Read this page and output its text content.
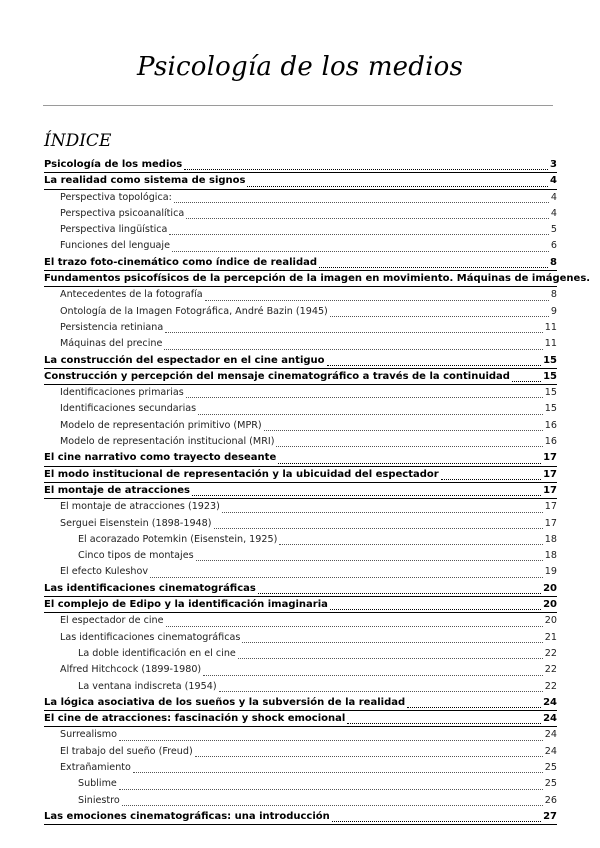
Psicología de los medios
ÍNDICE
Psicología de los medios	3
La realidad como sistema de signos	4
Perspectiva topológica:	4
Perspectiva psicoanalítica	4
Perspectiva lingüística	5
Funciones del lenguaje	6
El trazo foto-cinemático como índice de realidad	8
Fundamentos psicofísicos de la percepción de la imagen en movimiento. Máquinas de imágenes.
Antecedentes de la fotografía	8
Ontología de la Imagen Fotográfica, André Bazin (1945)	9
Persistencia retiniana	11
Máquinas del precine	11
La construcción del espectador en el cine antiguo	15
Construcción y percepción del mensaje cinematográfico a través de la continuidad	15
Identificaciones primarias	15
Identificaciones secundarias	15
Modelo de representación primitivo (MPR)	16
Modelo de representación institucional (MRI)	16
El cine narrativo como trayecto deseante	17
El modo institucional de representación y la ubicuidad del espectador	17
El montaje de atracciones	17
El montaje de atracciones (1923)	17
Serguei Eisenstein (1898-1948)	17
El acorazado Potemkin (Eisenstein, 1925)	18
Cinco tipos de montajes	18
El efecto Kuleshov	19
Las identificaciones cinematográficas	20
El complejo de Edipo y la identificación imaginaria	20
El espectador de cine	20
Las identificaciones cinematográficas	21
La doble identificación en el cine	22
Alfred Hitchcock (1899-1980)	22
La ventana indiscreta (1954)	22
La lógica asociativa de los sueños y la subversión de la realidad	24
El cine de atracciones: fascinación y shock emocional	24
Surrealismo	24
El trabajo del sueño (Freud)	24
Extrañamiento	25
Sublime	25
Siniestro	26
Las emociones cinematográficas: una introducción	27
